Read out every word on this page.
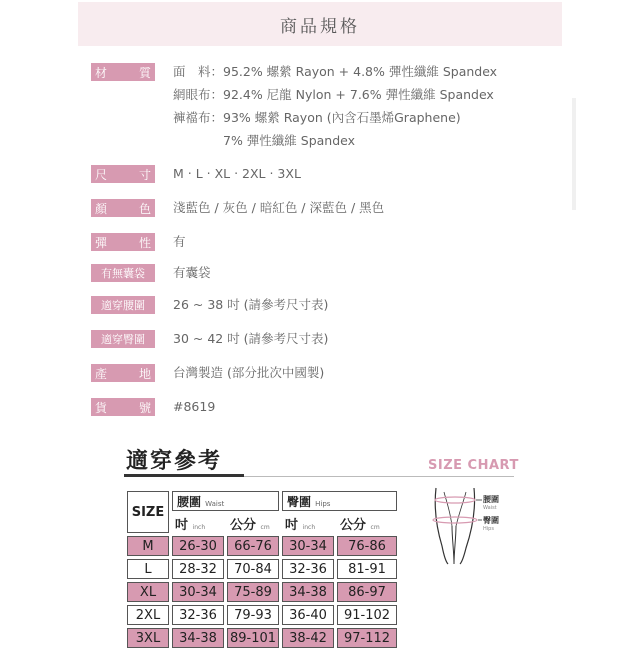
商品規格
材	質 面　料：95.2% 螺縈 Rayon + 4.8% 彈性纖維 Spandex
網眼布：92.4% 尼龍 Nylon + 7.6% 彈性纖維 Spandex
褲襠布：93% 螺縈 Rayon (內含石墨烯Graphene)
　　　　7% 彈性纖維 Spandex
尺	寸 M ‧ L ‧ XL ‧ 2XL ‧ 3XL
顏	色 淺藍色 / 灰色 / 暗紅色 / 深藍色 / 黑色
彈	性 有
有無囊袋	有囊袋
適穿腰圍	26 ~ 38 吋 (請參考尺寸表)
適穿臀圍	30 ~ 42 吋 (請參考尺寸表)
產	地 台灣製造 (部分批次中國製)
貨	號 #8619
適穿參考	SIZE CHART
SIZE	腰圍 Waist		臀圍 Hips	
	吋 inch	公分 cm	吋 inch	公分 cm
M	26-30	66-76	30-34	76-86
L	28-32	70-84	32-36	81-91
XL	30-34	75-89	34-38	86-97
2XL	32-36	79-93	36-40	91-102
3XL	34-38	89-101	38-42	97-112
腰圍
Waist
臀圍
Hips
